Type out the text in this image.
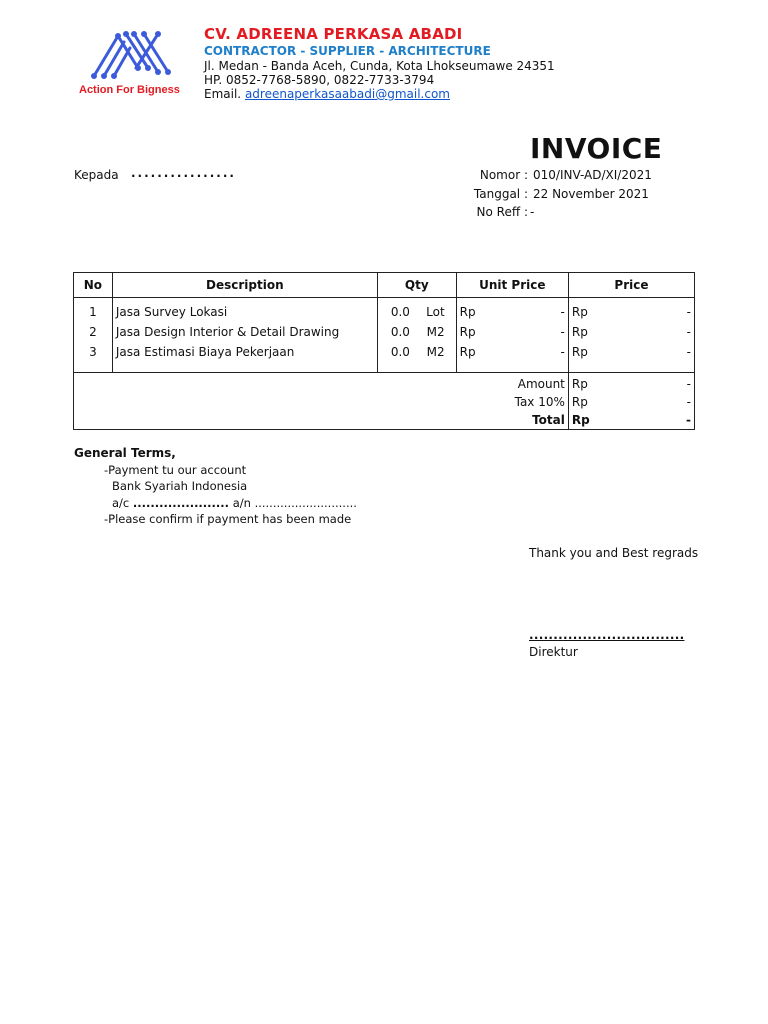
Action For Bigness
CV. ADREENA PERKASA ABADI
CONTRACTOR - SUPPLIER - ARCHITECTURE
Jl. Medan - Banda Aceh, Cunda, Kota Lhokseumawe 24351
HP. 0852-7768-5890, 0822-7733-3794
Email. adreenaperkasaabadi@gmail.com
INVOICE
Kepada ................	Nomor : 010/INV-AD/XI/2021
Tanggal : 22 November 2021
No Reff : -
No	Description	Qty	Unit Price	Price
1	Jasa Survey Lokasi	0.0 Lot	Rp -	Rp -

2	Jasa Design Interior & Detail Drawing	0.0 M2	Rp -	Rp -

3	Jasa Estimasi Biaya Pekerjaan	0.0 M2	Rp -	Rp -

Amount				Rp -

Tax 10%				Rp -

Total				Rp -
General Terms,
-Payment tu our account
Bank Syariah Indonesia
a/c ...................... a/n ............................
-Please confirm if payment has been made
Thank you and Best regrads
................................
Direktur
